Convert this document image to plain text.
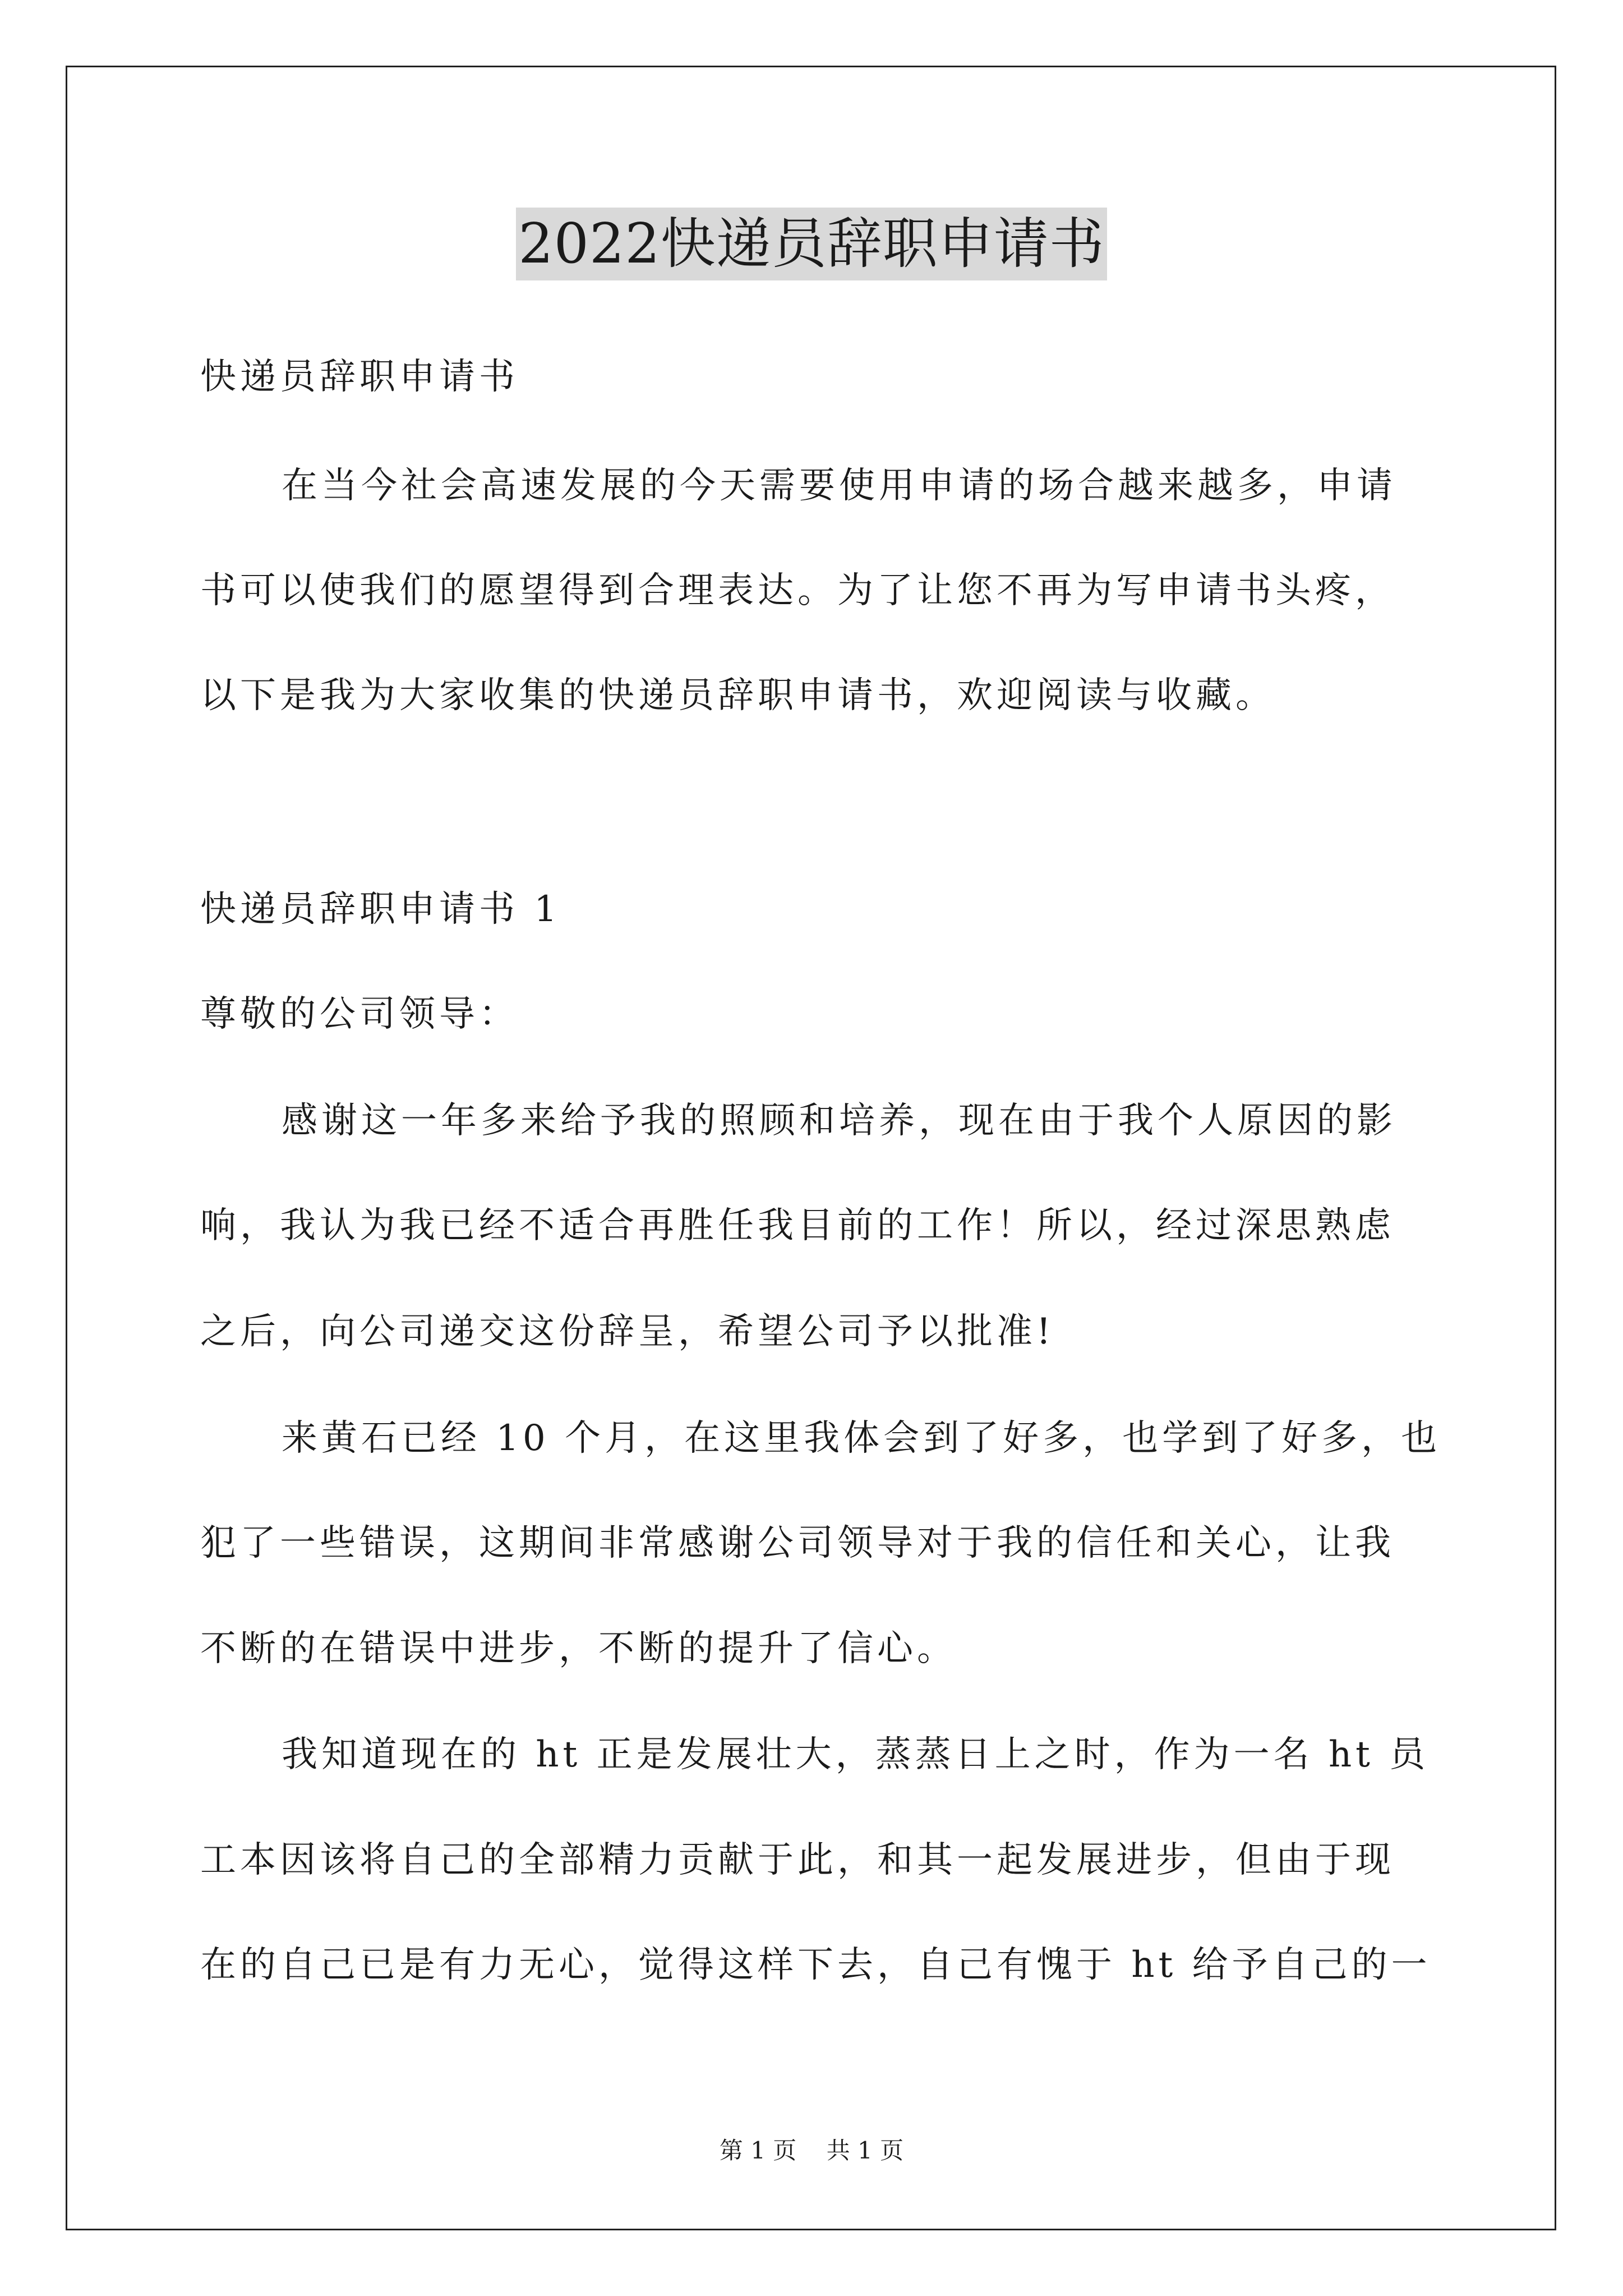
2022快递员辞职申请书
快递员辞职申请书
在当今社会高速发展的今天需要使用申请的场合越来越多，申请
书可以使我们的愿望得到合理表达。为了让您不再为写申请书头疼，
以下是我为大家收集的快递员辞职申请书，欢迎阅读与收藏。
快递员辞职申请书 1
尊敬的公司领导：
感谢这一年多来给予我的照顾和培养，现在由于我个人原因的影
响，我认为我已经不适合再胜任我目前的工作！所以，经过深思熟虑
之后，向公司递交这份辞呈，希望公司予以批准!
来黄石已经 10 个月，在这里我体会到了好多，也学到了好多，也
犯了一些错误，这期间非常感谢公司领导对于我的信任和关心，让我
不断的在错误中进步，不断的提升了信心。
我知道现在的 ht 正是发展壮大，蒸蒸日上之时，作为一名 ht 员
工本因该将自己的全部精力贡献于此，和其一起发展进步，但由于现
在的自己已是有力无心，觉得这样下去，自己有愧于 ht 给予自己的一
第 1 页    共 1 页
